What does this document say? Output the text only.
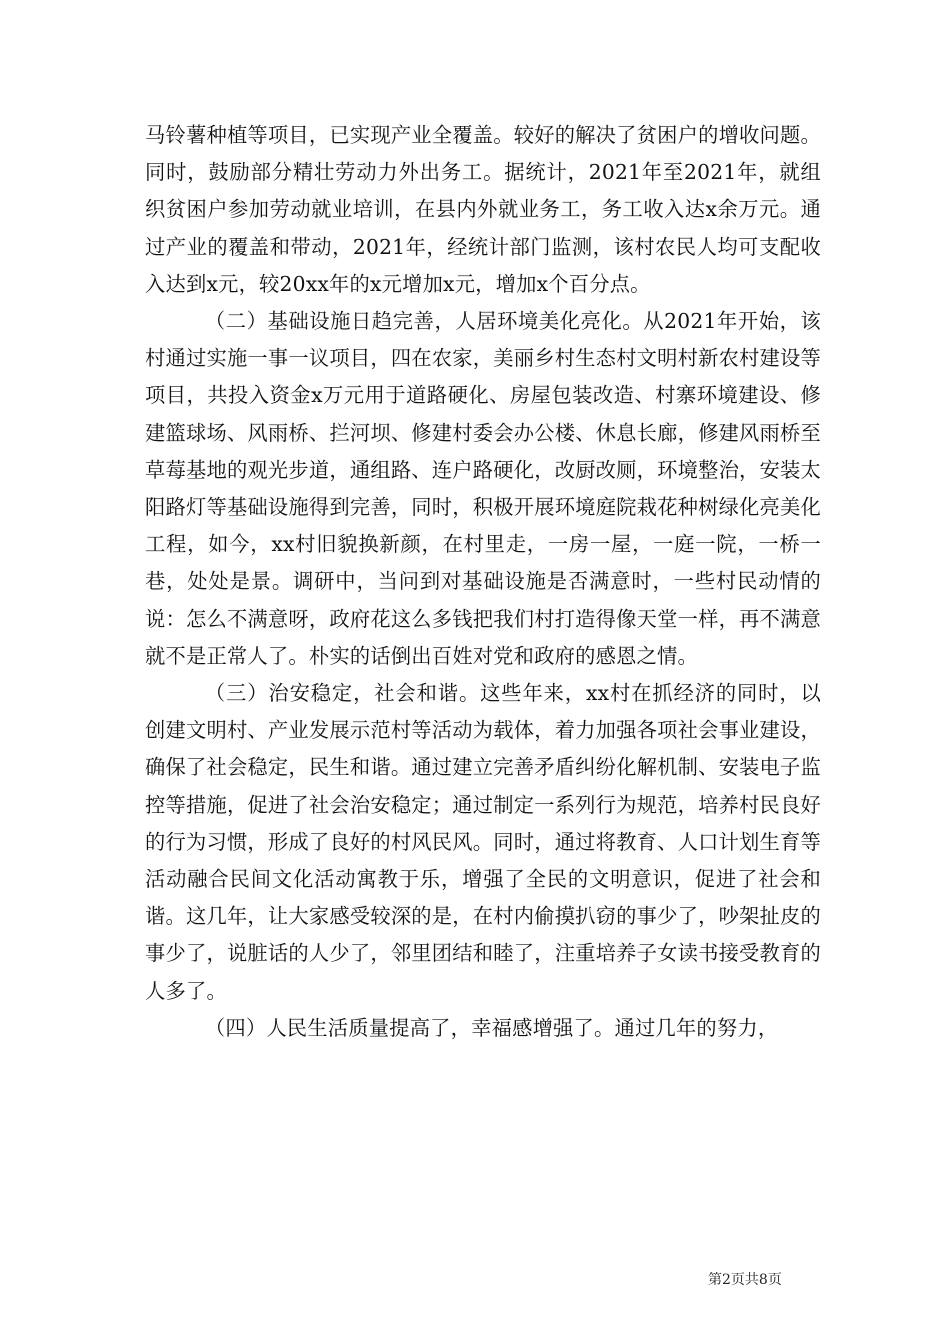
马铃薯种植等项目，已实现产业全覆盖。较好的解决了贫困户的增收问题。同时，鼓励部分精壮劳动力外出务工。据统计，2021年至2021年，就组织贫困户参加劳动就业培训，在县内外就业务工，务工收入达x余万元。通过产业的覆盖和带动，2021年，经统计部门监测，该村农民人均可支配收入达到x元，较20xx年的x元增加x元，增加x个百分点。

（二）基础设施日趋完善，人居环境美化亮化。从2021年开始，该村通过实施一事一议项目，四在农家，美丽乡村生态村文明村新农村建设等项目，共投入资金x万元用于道路硬化、房屋包装改造、村寨环境建设、修建篮球场、风雨桥、拦河坝、修建村委会办公楼、休息长廊，修建风雨桥至草莓基地的观光步道，通组路、连户路硬化，改厨改厕，环境整治，安装太阳路灯等基础设施得到完善，同时，积极开展环境庭院栽花种树绿化亮美化工程，如今，xx村旧貌换新颜，在村里走，一房一屋，一庭一院，一桥一巷，处处是景。调研中，当问到对基础设施是否满意时，一些村民动情的说：怎么不满意呀，政府花这么多钱把我们村打造得像天堂一样，再不满意就不是正常人了。朴实的话倒出百姓对党和政府的感恩之情。

（三）治安稳定，社会和谐。这些年来，xx村在抓经济的同时，以创建文明村、产业发展示范村等活动为载体，着力加强各项社会事业建设，确保了社会稳定，民生和谐。通过建立完善矛盾纠纷化解机制、安装电子监控等措施，促进了社会治安稳定；通过制定一系列行为规范，培养村民良好的行为习惯，形成了良好的村风民风。同时，通过将教育、人口计划生育等活动融合民间文化活动寓教于乐，增强了全民的文明意识，促进了社会和谐。这几年，让大家感受较深的是，在村内偷摸扒窃的事少了，吵架扯皮的事少了，说脏话的人少了，邻里团结和睦了，注重培养子女读书接受教育的人多了。

（四）人民生活质量提高了，幸福感增强了。通过几年的努力，

第2页共8页
